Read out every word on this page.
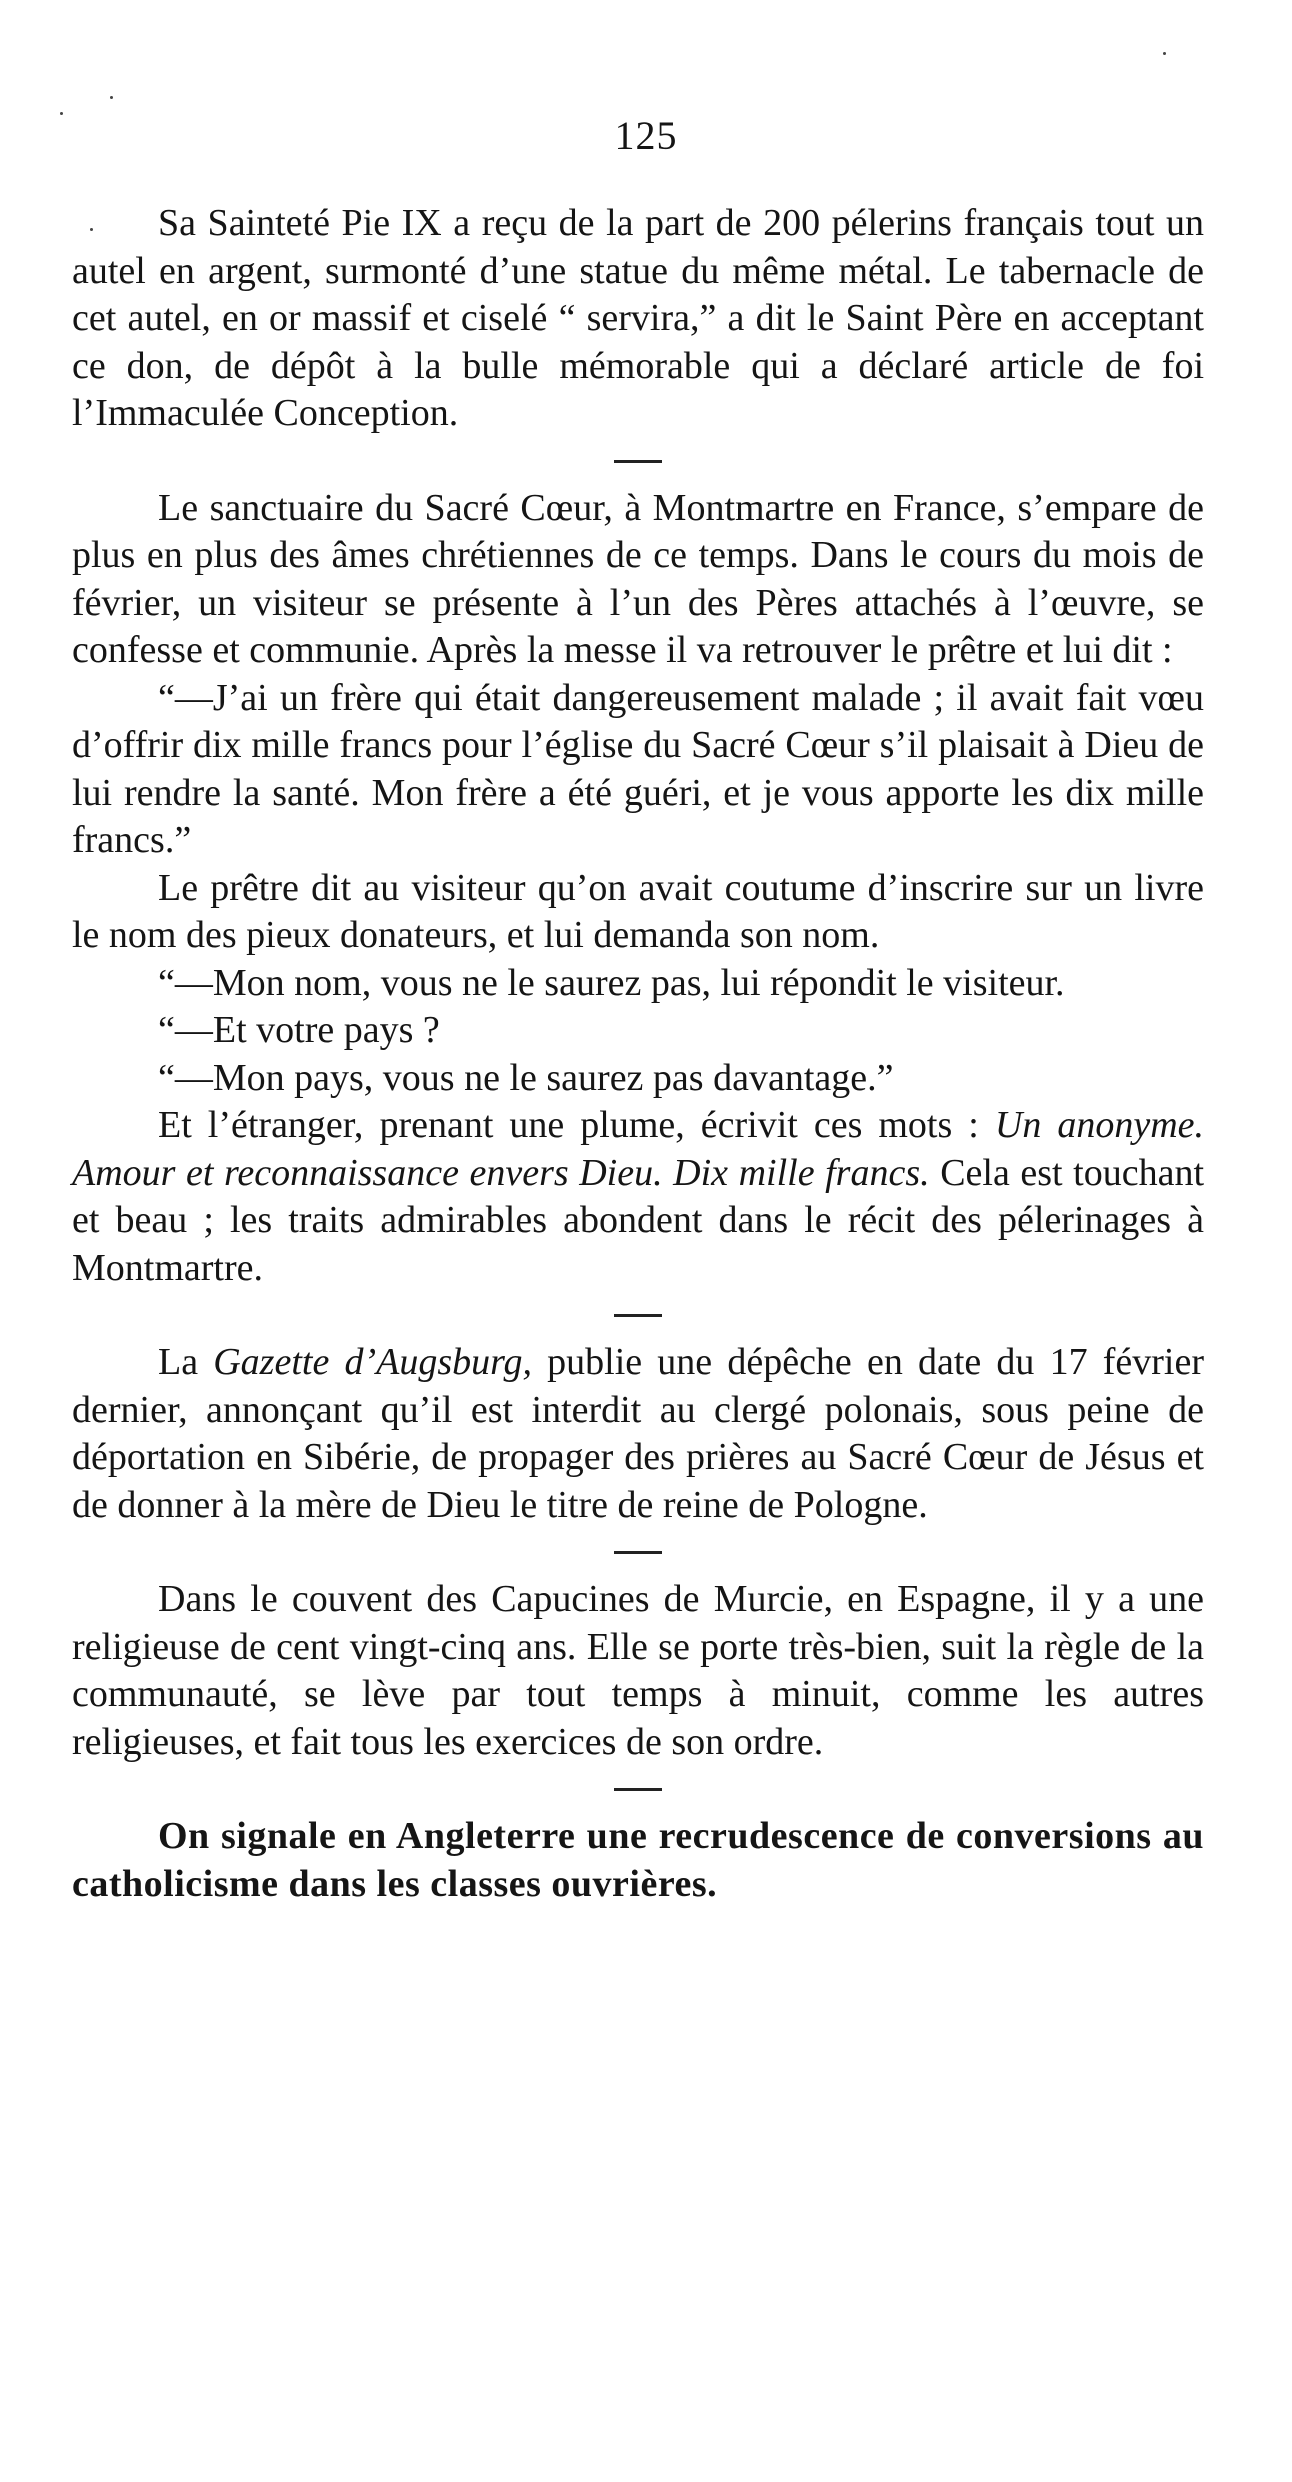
125

Sa Sainteté Pie IX a reçu de la part de 200 pélerins français tout un autel en argent, surmonté d’une statue du même métal. Le tabernacle de cet autel, en or massif et ciselé “ servira,” a dit le Saint Père en acceptant ce don, de dépôt à la bulle mémorable qui a déclaré article de foi l’Immaculée Conception.

Le sanctuaire du Sacré Cœur, à Montmartre en France, s’empare de plus en plus des âmes chrétiennes de ce temps. Dans le cours du mois de février, un visiteur se présente à l’un des Pères attachés à l’œuvre, se confesse et communie. Après la messe il va retrouver le prêtre et lui dit :

“—J’ai un frère qui était dangereusement malade ; il avait fait vœu d’offrir dix mille francs pour l’église du Sacré Cœur s’il plaisait à Dieu de lui rendre la santé. Mon frère a été guéri, et je vous apporte les dix mille francs.”

Le prêtre dit au visiteur qu’on avait coutume d’inscrire sur un livre le nom des pieux donateurs, et lui demanda son nom.

“—Mon nom, vous ne le saurez pas, lui répondit le visiteur.

“—Et votre pays ?

“—Mon pays, vous ne le saurez pas davantage.”

Et l’étranger, prenant une plume, écrivit ces mots : Un anonyme. Amour et reconnaissance envers Dieu. Dix mille francs. Cela est touchant et beau ; les traits admirables abondent dans le récit des pélerinages à Montmartre.

La Gazette d’Augsburg, publie une dépêche en date du 17 février dernier, annonçant qu’il est interdit au clergé polonais, sous peine de déportation en Sibérie, de propager des prières au Sacré Cœur de Jésus et de donner à la mère de Dieu le titre de reine de Pologne.

Dans le couvent des Capucines de Murcie, en Espagne, il y a une religieuse de cent vingt-cinq ans. Elle se porte très-bien, suit la règle de la communauté, se lève par tout temps à minuit, comme les autres religieuses, et fait tous les exercices de son ordre.

On signale en Angleterre une recrudescence de conversions au catholicisme dans les classes ouvrières.
